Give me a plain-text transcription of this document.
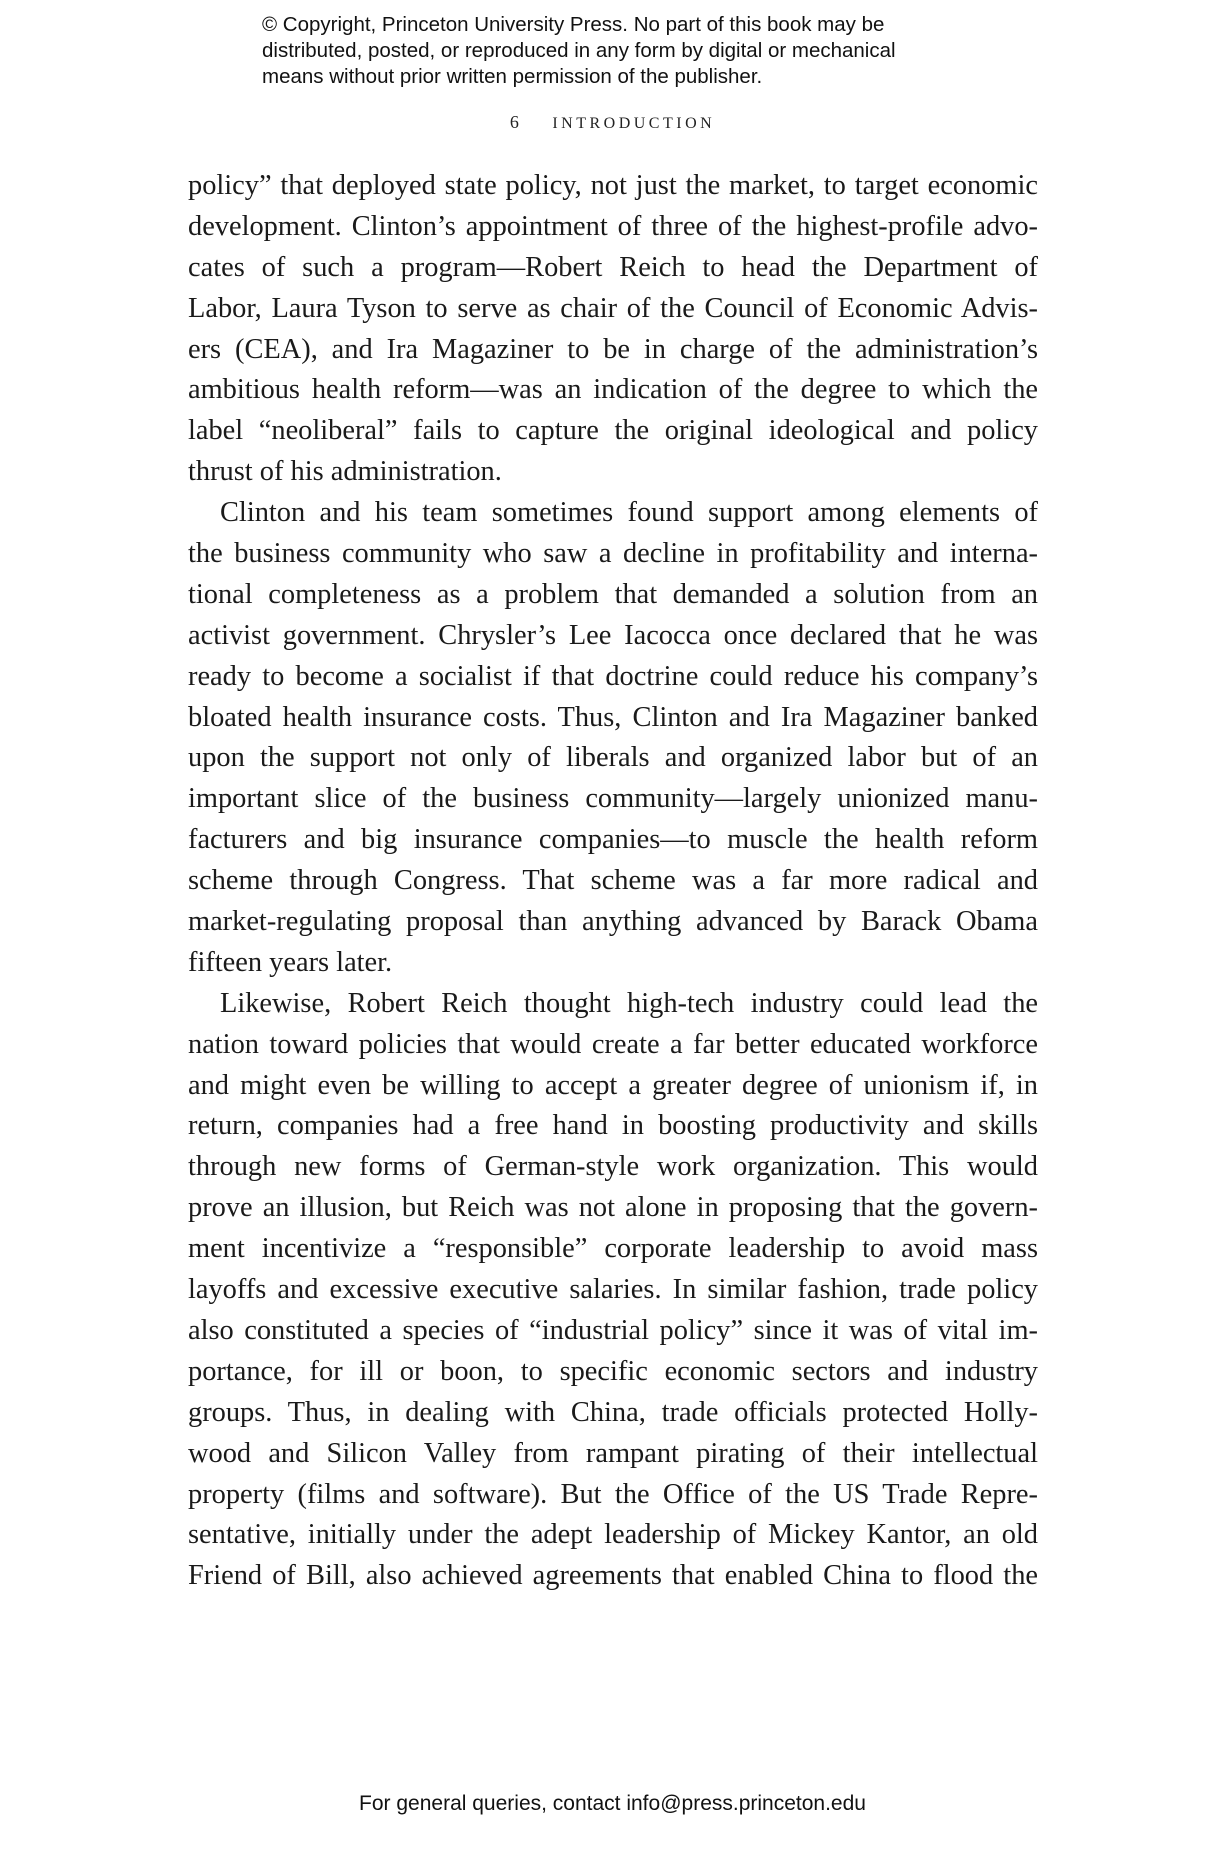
© Copyright, Princeton University Press. No part of this book may be
distributed, posted, or reproduced in any form by digital or mechanical
means without prior written permission of the publisher.
6 INTRODUCTION
policy” that deployed state policy, not just the market, to target economic
development. Clinton’s appointment of three of the highest-profile advo-
cates of such a program—Robert Reich to head the Department of
Labor, Laura Tyson to serve as chair of the Council of Economic Advis-
ers (CEA), and Ira Magaziner to be in charge of the administration’s
ambitious health reform—was an indication of the degree to which the
label “neoliberal” fails to capture the original ideological and policy
thrust of his administration.
Clinton and his team sometimes found support among elements of
the business community who saw a decline in profitability and interna-
tional completeness as a problem that demanded a solution from an
activist government. Chrysler’s Lee Iacocca once declared that he was
ready to become a socialist if that doctrine could reduce his company’s
bloated health insurance costs. Thus, Clinton and Ira Magaziner banked
upon the support not only of liberals and organized labor but of an
important slice of the business community—largely unionized manu-
facturers and big insurance companies—to muscle the health reform
scheme through Congress. That scheme was a far more radical and
market-regulating proposal than anything advanced by Barack Obama
fifteen years later.
Likewise, Robert Reich thought high-tech industry could lead the
nation toward policies that would create a far better educated workforce
and might even be willing to accept a greater degree of unionism if, in
return, companies had a free hand in boosting productivity and skills
through new forms of German-style work organization. This would
prove an illusion, but Reich was not alone in proposing that the govern-
ment incentivize a “responsible” corporate leadership to avoid mass
layoffs and excessive executive salaries. In similar fashion, trade policy
also constituted a species of “industrial policy” since it was of vital im-
portance, for ill or boon, to specific economic sectors and industry
groups. Thus, in dealing with China, trade officials protected Holly-
wood and Silicon Valley from rampant pirating of their intellectual
property (films and software). But the Office of the US Trade Repre-
sentative, initially under the adept leadership of Mickey Kantor, an old
Friend of Bill, also achieved agreements that enabled China to flood the
For general queries, contact info@press.princeton.edu
